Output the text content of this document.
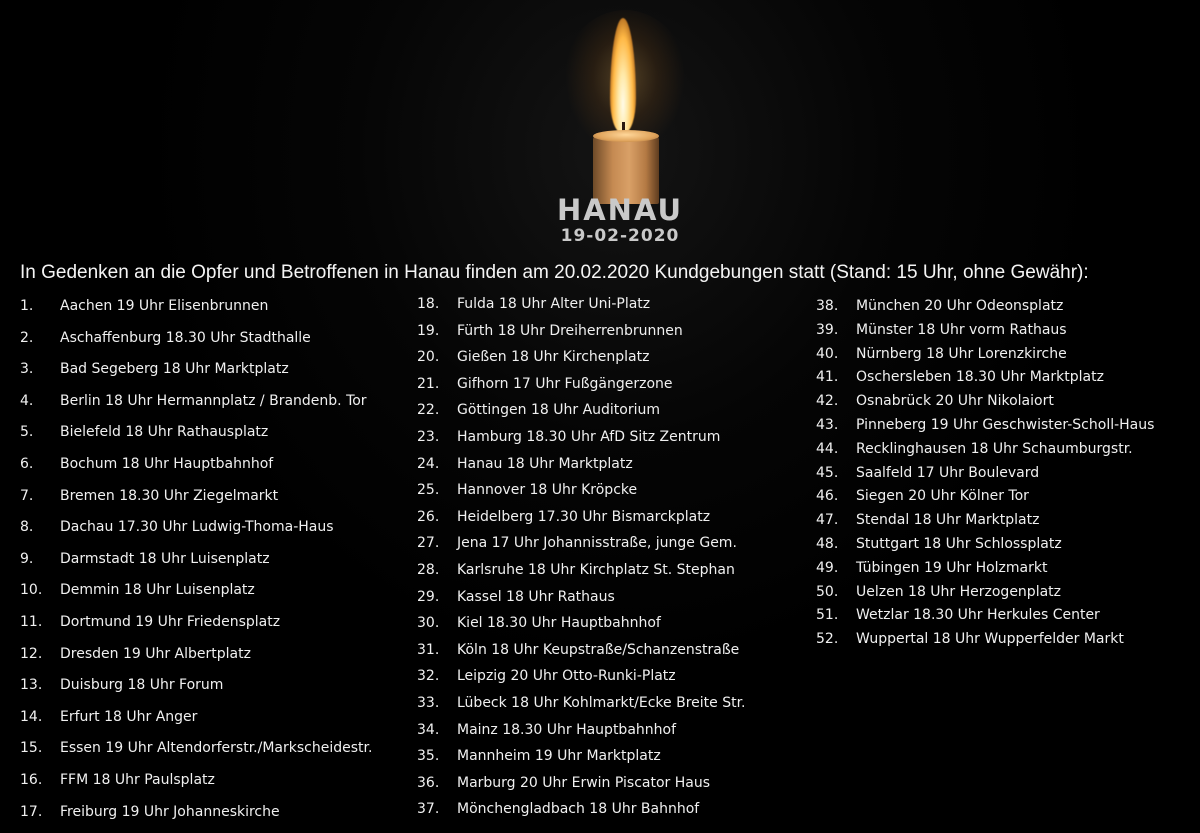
HANAU
19-02-2020
In Gedenken an die Opfer und Betroffenen in Hanau finden am 20.02.2020 Kundgebungen statt (Stand: 15 Uhr, ohne Gewähr):
1. Aachen 19 Uhr Elisenbrunnen
2. Aschaffenburg 18.30 Uhr Stadthalle
3. Bad Segeberg 18 Uhr Marktplatz
4. Berlin 18 Uhr Hermannplatz / Brandenb. Tor
5. Bielefeld 18 Uhr Rathausplatz
6. Bochum 18 Uhr Hauptbahnhof
7. Bremen 18.30 Uhr Ziegelmarkt
8. Dachau 17.30 Uhr Ludwig-Thoma-Haus
9. Darmstadt 18 Uhr Luisenplatz
10. Demmin 18 Uhr Luisenplatz
11. Dortmund 19 Uhr Friedensplatz
12. Dresden 19 Uhr Albertplatz
13. Duisburg 18 Uhr Forum
14. Erfurt 18 Uhr Anger
15. Essen 19 Uhr Altendorferstr./Markscheidestr.
16. FFM 18 Uhr Paulsplatz
17. Freiburg 19 Uhr Johanneskirche
18. Fulda 18 Uhr Alter Uni-Platz
19. Fürth 18 Uhr Dreiherrenbrunnen
20. Gießen 18 Uhr Kirchenplatz
21. Gifhorn 17 Uhr Fußgängerzone
22. Göttingen 18 Uhr Auditorium
23. Hamburg 18.30 Uhr AfD Sitz Zentrum
24. Hanau 18 Uhr Marktplatz
25. Hannover 18 Uhr Kröpcke
26. Heidelberg 17.30 Uhr Bismarckplatz
27. Jena 17 Uhr Johannisstraße, junge Gem.
28. Karlsruhe 18 Uhr Kirchplatz St. Stephan
29. Kassel 18 Uhr Rathaus
30. Kiel 18.30 Uhr Hauptbahnhof
31. Köln 18 Uhr Keupstraße/Schanzenstraße
32. Leipzig 20 Uhr Otto-Runki-Platz
33. Lübeck 18 Uhr Kohlmarkt/Ecke Breite Str.
34. Mainz 18.30 Uhr Hauptbahnhof
35. Mannheim 19 Uhr Marktplatz
36. Marburg 20 Uhr Erwin Piscator Haus
37. Mönchengladbach 18 Uhr Bahnhof
38. München 20 Uhr Odeonsplatz
39. Münster 18 Uhr vorm Rathaus
40. Nürnberg 18 Uhr Lorenzkirche
41. Oschersleben 18.30 Uhr Marktplatz
42. Osnabrück 20 Uhr Nikolaiort
43. Pinneberg 19 Uhr Geschwister-Scholl-Haus
44. Recklinghausen 18 Uhr Schaumburgstr.
45. Saalfeld 17 Uhr Boulevard
46. Siegen 20 Uhr Kölner Tor
47. Stendal 18 Uhr Marktplatz
48. Stuttgart 18 Uhr Schlossplatz
49. Tübingen 19 Uhr Holzmarkt
50. Uelzen 18 Uhr Herzogenplatz
51. Wetzlar 18.30 Uhr Herkules Center
52. Wuppertal 18 Uhr Wupperfelder Markt
